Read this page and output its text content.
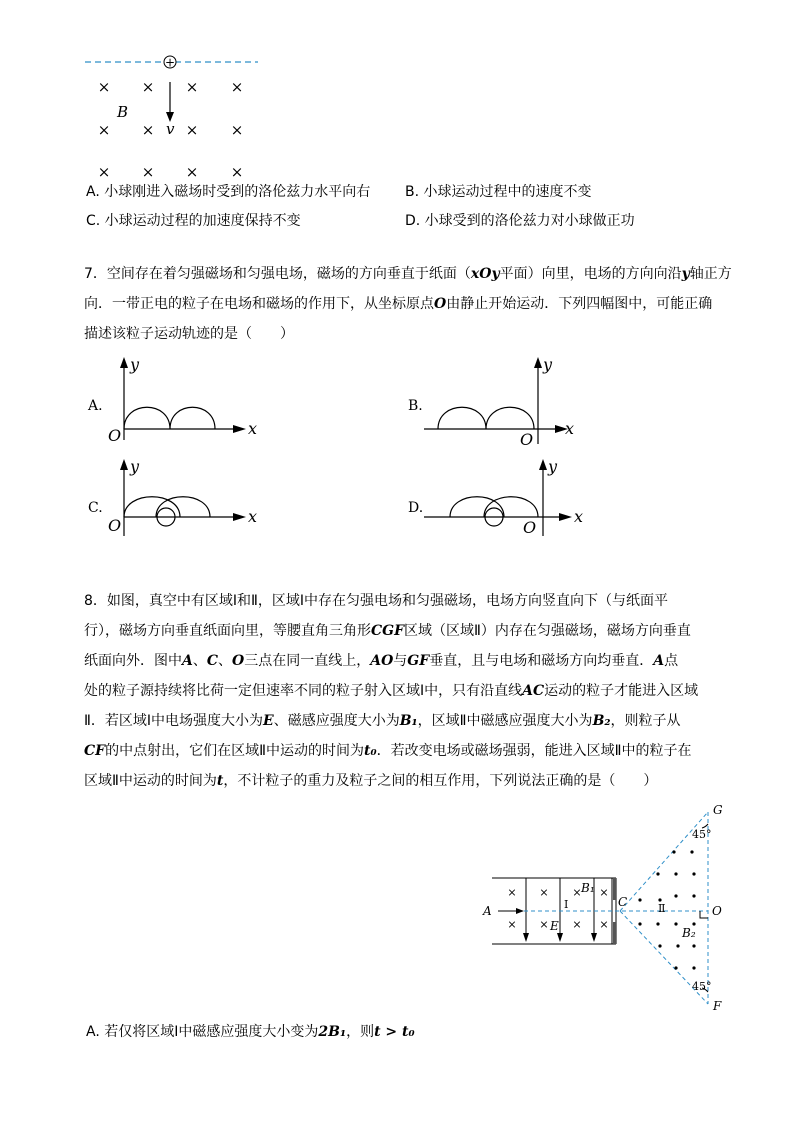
+
× × × ×
× × × ×
× × × ×
B
v
A. 小球刚进入磁场时受到的洛伦兹力水平向右 B. 小球运动过程中的速度不变
C. 小球运动过程的加速度保持不变	D. 小球受到的洛伦兹力对小球做正功

7．空间存在着匀强磁场和匀强电场，磁场的方向垂直于纸面（xOy平面）向里，电场的方向向沿y轴正方

向．一带正电的粒子在电场和磁场的作用下，从坐标原点O由静止开始运动．下列四幅图中，可能正确

描述该粒子运动轨迹的是（　　）

A.
y
x
O
B.
y
x
O
C.
y
x
O
D.
y
x
O

8．如图，真空中有区域Ⅰ和Ⅱ，区域Ⅰ中存在匀强电场和匀强磁场，电场方向竖直向下（与纸面平

行），磁场方向垂直纸面向里，等腰直角三角形CGF区域（区域Ⅱ）内存在匀强磁场，磁场方向垂直

纸面向外．图中A、C、O三点在同一直线上，AO与GF垂直，且与电场和磁场方向均垂直．A点

处的粒子源持续将比荷一定但速率不同的粒子射入区域Ⅰ中，只有沿直线AC运动的粒子才能进入区域

Ⅱ．若区域Ⅰ中电场强度大小为E、磁感应强度大小为B₁，区域Ⅱ中磁感应强度大小为B₂，则粒子从

CF的中点射出，它们在区域Ⅱ中运动的时间为t₀．若改变电场或磁场强弱，能进入区域Ⅱ中的粒子在

区域Ⅱ中运动的时间为t，不计粒子的重力及粒子之间的相互作用，下列说法正确的是（　　）

× × × ×
× × × ×
A
C
O
G
F
E
B₁
B₂
Ⅰ	Ⅱ
45°
45°
A. 若仅将区域Ⅰ中磁感应强度大小变为2B₁，则t > t₀
